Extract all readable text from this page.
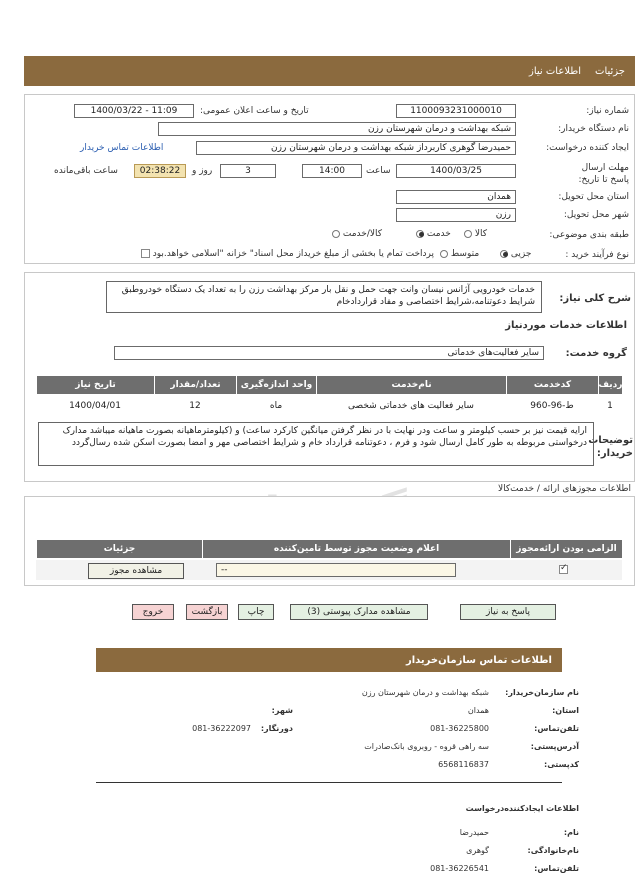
جزئیات
اطلاعات نیاز
شماره نیاز:
1100093231000010
تاریخ و ساعت اعلان عمومی:
1400/03/22 - 11:09
نام دستگاه خریدار:
شبکه بهداشت و درمان شهرستان رزن
ایجاد کننده درخواست:
حمیدرضا گوهری کاربرداز شبکه بهداشت و درمان شهرستان رزن
اطلاعات تماس خریدار
مهلت ارسال پاسخ تا تاریخ:
1400/03/25
ساعت
14:00
3
روز و
02:38:22
ساعت باقی‌مانده
استان محل تحویل:
همدان
شهر محل تحویل:
رزن
طبقه بندی موضوعی:
کالا
خدمت
کالا/خدمت
نوع فرآیند خرید :
جزیی
متوسط
پرداخت تمام یا بخشی از مبلغ خریداز محل اسناد" خزانه "اسلامی خواهد.بود
شرح کلی نیاز:
خدمات خودرویی آژانس نیسان وانت جهت حمل و نقل بار مرکز بهداشت رزن را به تعداد یک دستگاه خودروطبق شرایط دعوتنامه،شرایط اختصاصی و مفاد قراردادخام
اطلاعات خدمات مورد‌نیاز
گروه خدمت:
سایر فعالیت‌های خدماتی
ردیف
کدخدمت
نام‌خدمت
واحد اندازه‌گیری
تعداد/مقدار
تاریخ نیاز
1
ط-96-960
سایر فعالیت های خدماتی شخصی
ماه
12
1400/04/01
توضیحات خریدار:
ارایه قیمت نیز بر حسب کیلومتر و ساعت ودر نهایت با در نظر گرفتن میانگین کارکرد ساعت) و (کیلومترماهیانه بصورت ماهیانه میباشد مدارک درخواستی مربوطه به طور کامل ارسال شود و فرم ، دعوتنامه قرارداد خام و شرایط اختصاصی مهر و امضا بصورت اسکن شده رسال‌گردد
اطلاعات مجوزهای ارائه / خدمت‌کالا
الزامی بودن ارائه‌مجوز
اعلام وضعیت مجوز توسط تامین‌کننده
جزئیات
✓
--
مشاهده مجوز
پاسخ به نیاز
مشاهده مدارک پیوستی (3)
چاپ
بازگشت
خروج
اطلاعات تماس سازمان‌خریدار
نام سازمان‌خریدار:
شبکه بهداشت و درمان شهرستان رزن
استان:
همدان
شهر:
تلفن‌تماس:
081-36225800
دورنگار:
081-36222097
آدرس‌پستی:
سه راهی قروه - روبروی بانک‌صادرات
کدپستی:
6568116837
اطلاعات ایجادکننده‌درخواست
نام:
حمیدرضا
نام‌خانوادگی:
گوهری
تلفن‌تماس:
081-36226541
